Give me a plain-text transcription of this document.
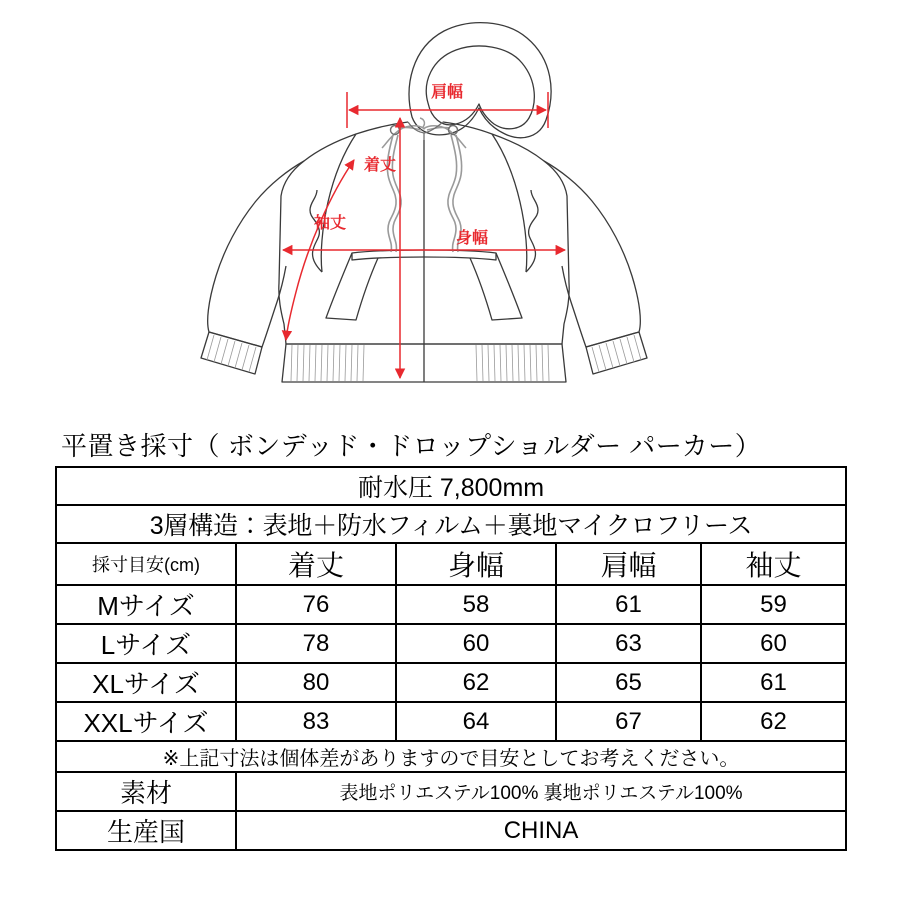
肩幅
着丈
袖丈
身幅
平置き採寸（ ボンデッド・ドロップショルダー パーカー）
耐水圧 7,800mm				

3層構造：表地＋防水フィルム＋裏地マイクロフリース				

採寸目安(cm)	着丈	身幅	肩幅	袖丈

Mサイズ	76	58	61	59

Lサイズ	78	60	63	60

XLサイズ	80	62	65	61

XXLサイズ	83	64	67	62

※上記寸法は個体差がありますので目安としてお考えください。				

素材	表地ポリエステル100% 裏地ポリエステル100%			

生産国	CHINA			
